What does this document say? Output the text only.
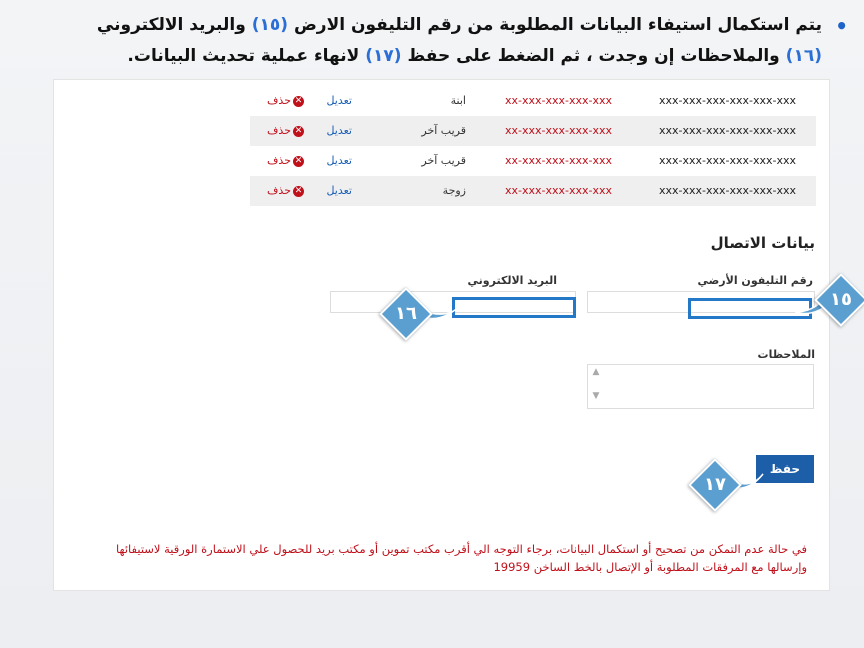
•
يتم استكمال استيفاء البيانات المطلوبة من رقم التليفون الارض (١٥) والبريد الالكتروني (١٦) والملاحظات إن وجدت ، ثم الضغط على حفظ (١٧) لانهاء عملية تحديث البيانات.
xxx-xxx-xxx-xxx-xxx-xxx
xx-xxx-xxx-xxx-xxx
ابنة
تعديل
✕حذف
xxx-xxx-xxx-xxx-xxx-xxx
xx-xxx-xxx-xxx-xxx
قريب آخر
تعديل
✕حذف
xxx-xxx-xxx-xxx-xxx-xxx
xx-xxx-xxx-xxx-xxx
قريب آخر
تعديل
✕حذف
xxx-xxx-xxx-xxx-xxx-xxx
xx-xxx-xxx-xxx-xxx
زوجة
تعديل
✕حذف
بيانات الاتصال
رقم التليفون الأرضي
البريد الالكتروني
الملاحظات
▲
▼
حفظ
في حالة عدم التمكن من تصحيح أو استكمال البيانات، برجاء التوجه الي أقرب مكتب تموين أو مكتب بريد للحصول علي الاستمارة الورقية لاستيفائها وإرسالها مع المرفقات المطلوبة أو الإتصال بالخط الساخن 19959
١٥
١٦
١٧
